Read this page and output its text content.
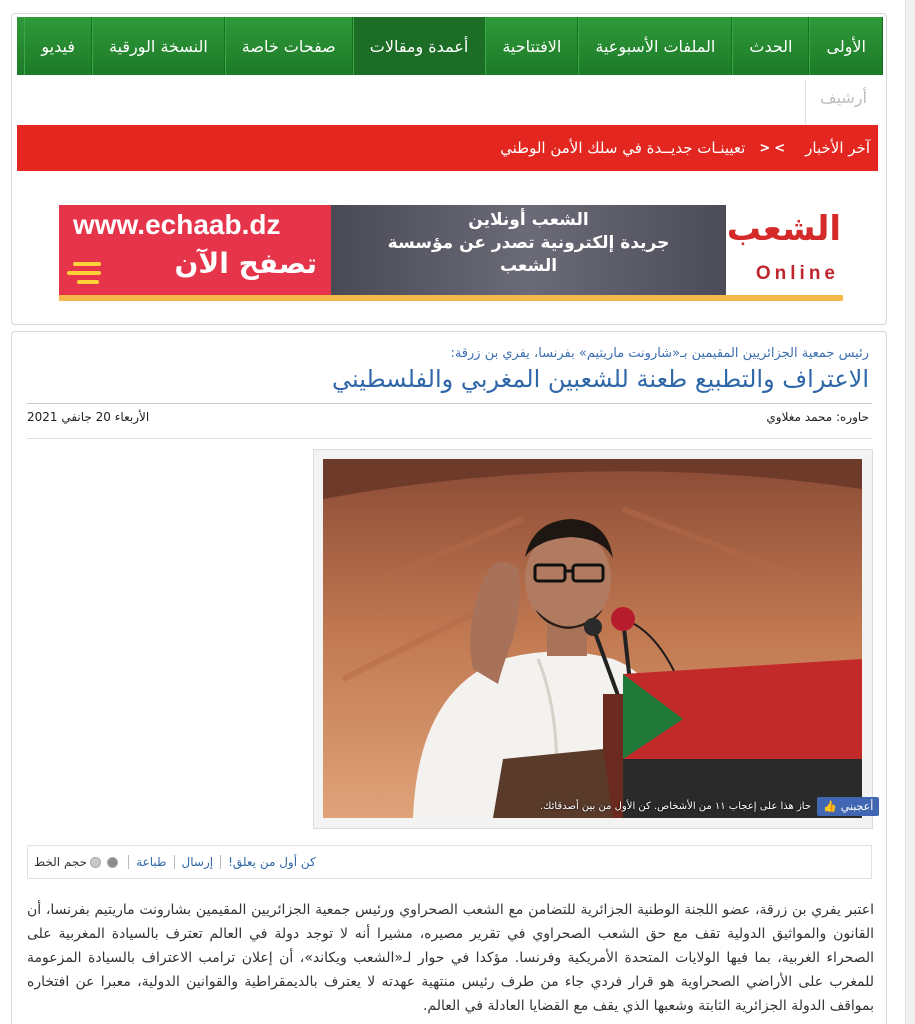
الأولى
الحدث
الملفات الأسبوعية
الافتتاحية
أعمدة ومقالات
صفحات خاصة
النسخة الورقية
فيديو
أرشيف
آخر الأخبار
<
>
تعيينـات جديــدة في سلك الأمن الوطني
www.echaab.dz
تصفح الآن
الشعب أونلاين
جريدة إلكترونية تصدر عن مؤسسة
الشعب
الشعب
Online
رئيس جمعية الجزائريين المقيمين بـ«شارونت ماريتيم» بفرنسا، يفري بن زرقة:
الاعتراف والتطبيع طعنة للشعبين المغربي والفلسطيني
حاوره: محمد مغلاوي
الأربعاء 20 جانفي 2021
👍 أعجبني
حاز هذا على إعجاب ١١ من الأشخاص. كن الأول من بين أصدقائك.
حجم الخط	طباعة إرسال كن أول من يعلق!
اعتبر يفري بن زرقة، عضو اللجنة الوطنية الجزائرية للتضامن مع الشعب الصحراوي ورئيس جمعية الجزائريين المقيمين بشارونت ماريتيم بفرنسا، أن القانون والمواثيق الدولية تقف مع حق الشعب الصحراوي في تقرير مصيره، مشيرا أنه لا توجد دولة في العالم تعترف بالسيادة المغربية على الصحراء الغربية، بما فيها الولايات المتحدة الأمريكية وفرنسا. مؤكدا في حوار لـ«الشعب ويكاند»، أن إعلان ترامب الاعتراف بالسيادة المزعومة للمغرب على الأراضي الصحراوية هو قرار فردي جاء من طرف رئيس منتهية عهدته لا يعترف بالديمقراطية والقوانين الدولية، معبرا عن افتخاره بمواقف الدولة الجزائرية الثابتة وشعبها الذي يقف مع القضايا العادلة في العالم.
